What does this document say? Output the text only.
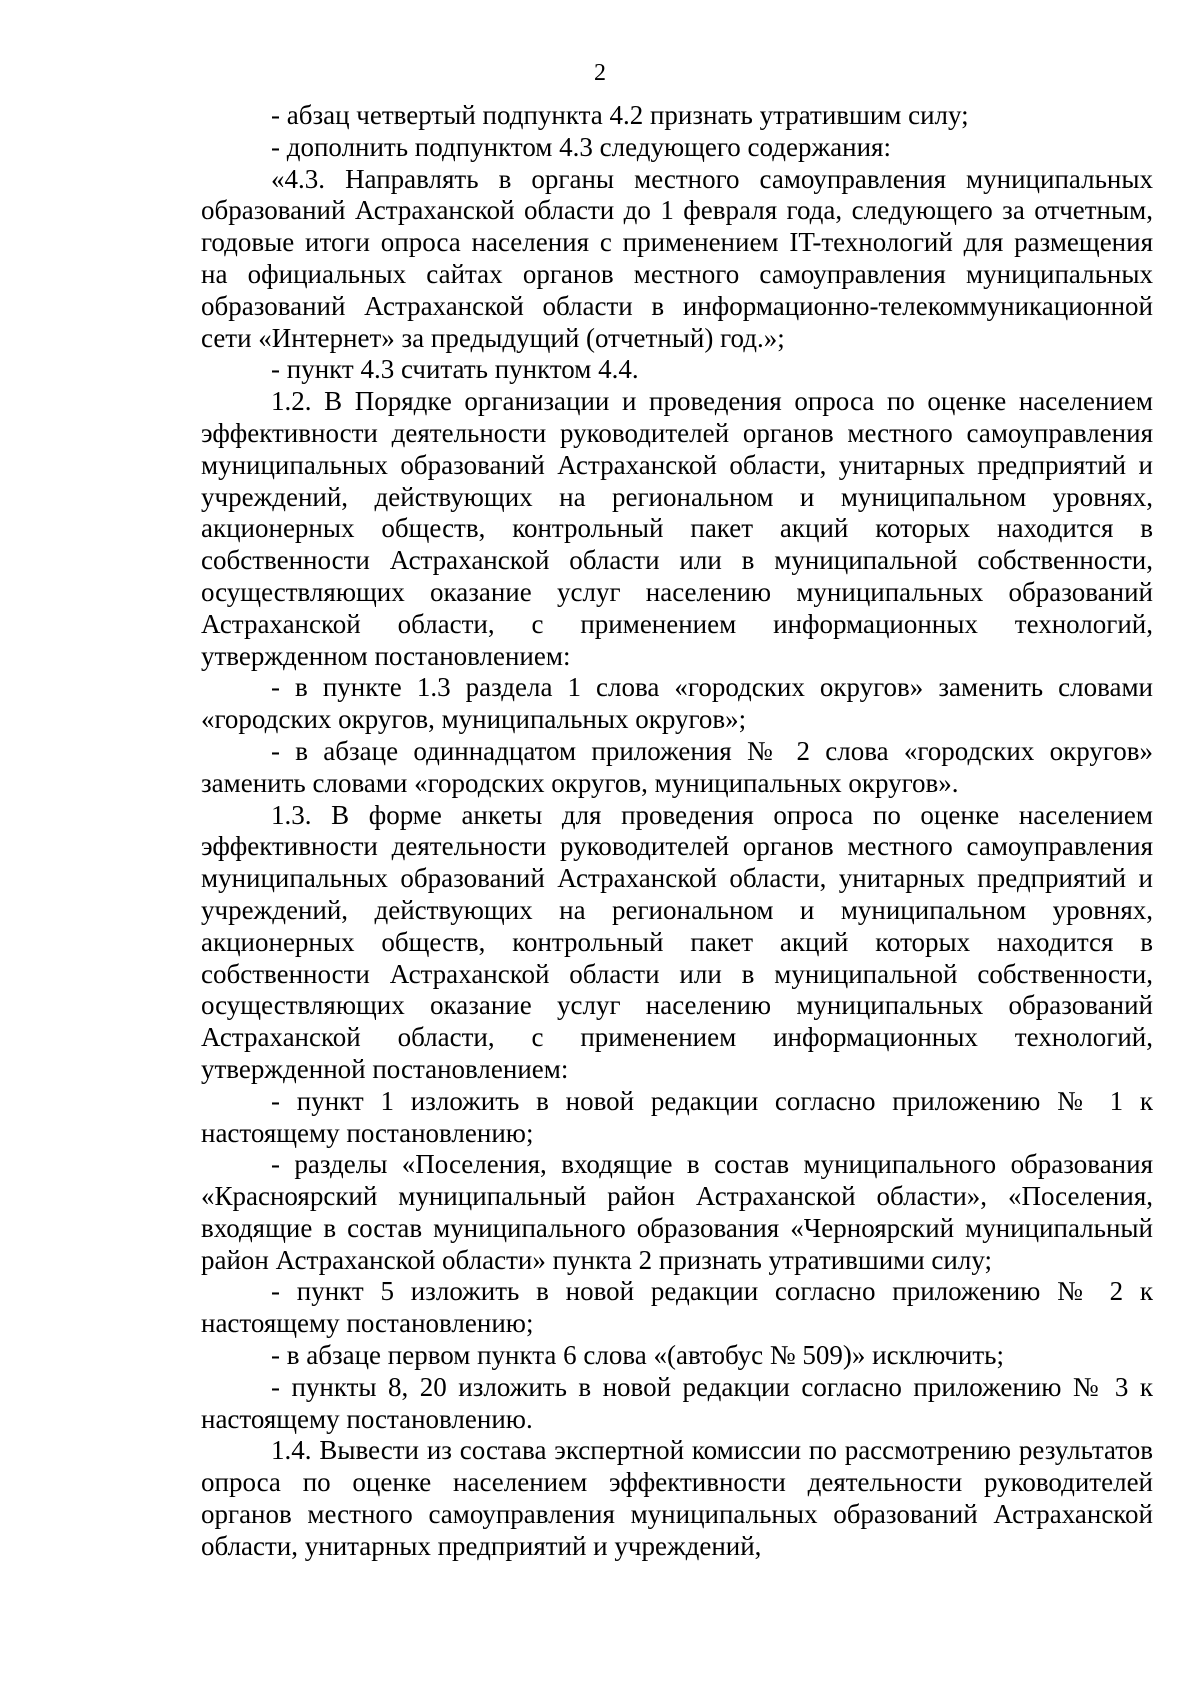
2

- абзац четвертый подпункта 4.2 признать утратившим силу;

- дополнить подпунктом 4.3 следующего содержания:

«4.3. Направлять в органы местного самоуправления муниципальных образований Астраханской области до 1 февраля года, следующего за отчетным, годовые итоги опроса населения с применением IT-технологий для размещения на официальных сайтах органов местного самоуправления муниципальных образований Астраханской области в информационно-телекоммуникационной сети «Интернет» за предыдущий (отчетный) год.»;

- пункт 4.3 считать пунктом 4.4.

1.2. В Порядке организации и проведения опроса по оценке населением эффективности деятельности руководителей органов местного самоуправления муниципальных образований Астраханской области, унитарных предприятий и учреждений, действующих на региональном и муниципальном уровнях, акционерных обществ, контрольный пакет акций которых находится в собственности Астраханской области или в муниципальной собственности, осуществляющих оказание услуг населению муниципальных образований Астраханской области, с применением информационных технологий, утвержденном постановлением:

- в пункте 1.3 раздела 1 слова «городских округов» заменить словами «городских округов, муниципальных округов»;

- в абзаце одиннадцатом приложения № 2 слова «городских округов» заменить словами «городских округов, муниципальных округов».

1.3. В форме анкеты для проведения опроса по оценке населением эффективности деятельности руководителей органов местного самоуправления муниципальных образований Астраханской области, унитарных предприятий и учреждений, действующих на региональном и муниципальном уровнях, акционерных обществ, контрольный пакет акций которых находится в собственности Астраханской области или в муниципальной собственности, осуществляющих оказание услуг населению муниципальных образований Астраханской области, с применением информационных технологий, утвержденной постановлением:

- пункт 1 изложить в новой редакции согласно приложению № 1 к настоящему постановлению;

- разделы «Поселения, входящие в состав муниципального образования «Красноярский муниципальный район Астраханской области», «Поселения, входящие в состав муниципального образования «Черноярский муниципальный район Астраханской области» пункта 2 признать утратившими силу;

- пункт 5 изложить в новой редакции согласно приложению № 2 к настоящему постановлению;

- в абзаце первом пункта 6 слова «(автобус № 509)» исключить;

- пункты 8, 20 изложить в новой редакции согласно приложению № 3 к настоящему постановлению.

1.4. Вывести из состава экспертной комиссии по рассмотрению результатов опроса по оценке населением эффективности деятельности руководителей органов местного самоуправления муниципальных образований Астраханской области, унитарных предприятий и учреждений,
